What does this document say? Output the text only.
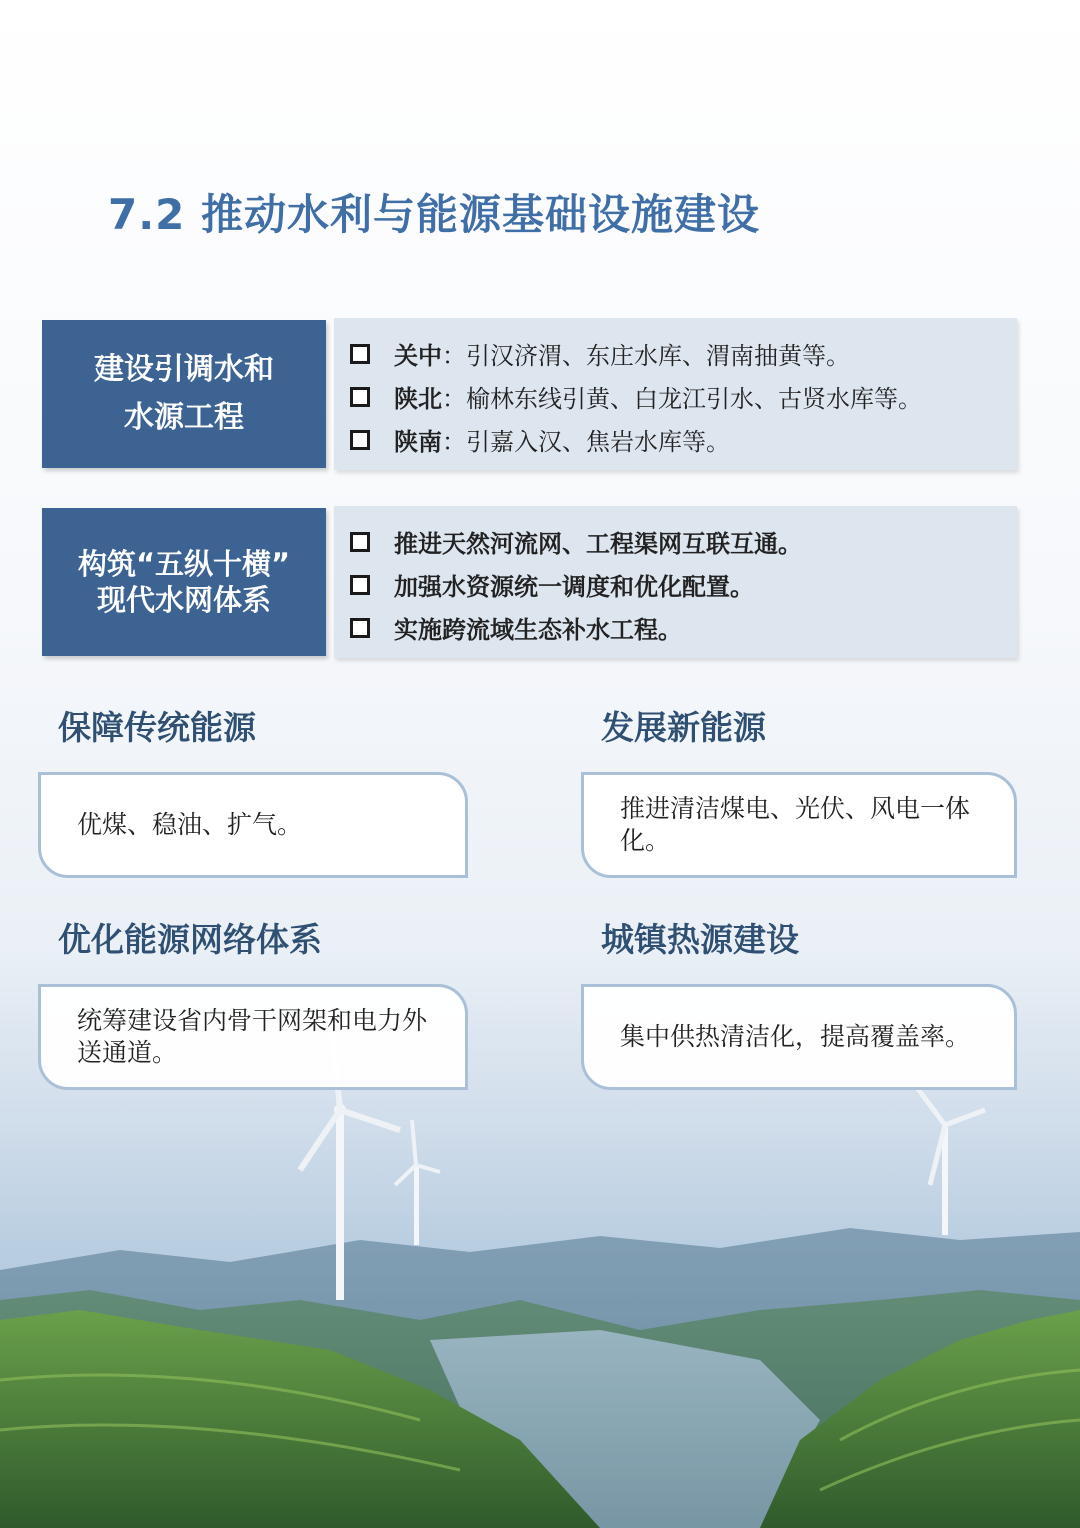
7.2 推动水利与能源基础设施建设
建设引调水和
水源工程
关中 ： 引汉济渭、东庄水库、渭南抽黄等。
陕北 ： 榆林东线引黄、白龙江引水、古贤水库等。
陕南 ： 引嘉入汉、焦岩水库等。
构筑“五纵十横”
现代水网体系
推进天然河流网、工程渠网互联互通。
加强水资源统一调度和优化配置。
实施跨流域生态补水工程。
保障传统能源
优煤、稳油、扩气。
发展新能源
推进清洁煤电、光伏、风电一体化。
优化能源网络体系
统筹建设省内骨干网架和电力外送通道。
城镇热源建设
集中供热清洁化，提高覆盖率。
